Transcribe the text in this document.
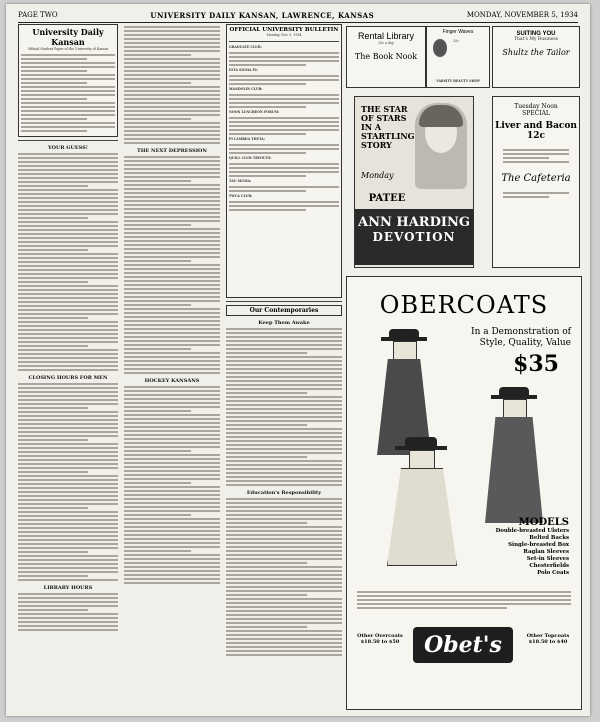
PAGE TWO	UNIVERSITY DAILY KANSAN, LAWRENCE, KANSAS	MONDAY, NOVEMBER 5, 1934
University Daily Kansan
Official Student Paper of the University of Kansas
YOUR GUESS!
CLOSING HOURS FOR MEN
LIBRARY HOURS
THE NEXT DEPRESSION
HOCKEY KANSANS
OFFICIAL UNIVERSITY BULLETIN
Monday, Nov. 5, 1934
GRADUATE CLUB:
IOTA SIGMA PI:
MANDOLIN CLUB:
NOON LUNCHEON FORUM:
PI LAMBDA THETA:
QUILL CLUB TRYOUTS:
TAU SIGMA:
YWCA CLUB:
Our Contemporaries
Keep Them Awake
Education's Responsibility
Rental Library
25c a day
The Book Nook
Finger Waves
25c
VARSITY BEAUTY SHOP
SUITING YOU
That's My Business
Shultz the Tailor
THE STAR OF STARS IN A STARTLING STORY
Monday
PATEE
ANN HARDING
DEVOTION
Tuesday Noon
SPECIAL
Liver and Bacon
12c
The Cafeteria
OBERCOATS
In a Demonstration of Style, Quality, Value
$35
MODELS
Double-breasted Ulsters
Belted Backs
Single-breasted Box
Raglan Sleeves
Set-in Sleeves
Chesterfields
Polo Coats
Other Overcoats $18.50 to $50	Obet's	Other Topcoats $18.50 to $40
